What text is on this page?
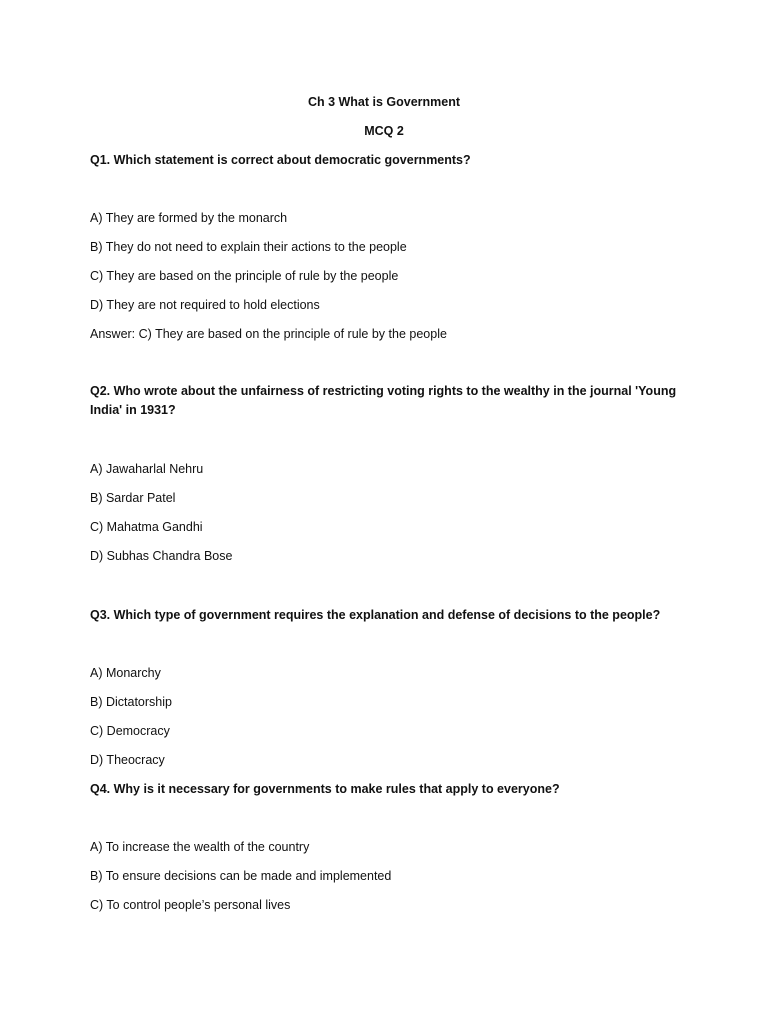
Ch 3 What is Government
MCQ 2
Q1. Which statement is correct about democratic governments?
A) They are formed by the monarch
B) They do not need to explain their actions to the people
C) They are based on the principle of rule by the people
D) They are not required to hold elections
Answer: C) They are based on the principle of rule by the people
Q2. Who wrote about the unfairness of restricting voting rights to the wealthy in the journal 'Young India' in 1931?
A) Jawaharlal Nehru
B) Sardar Patel
C) Mahatma Gandhi
D) Subhas Chandra Bose
Q3. Which type of government requires the explanation and defense of decisions to the people?
A) Monarchy
B) Dictatorship
C) Democracy
D) Theocracy
Q4. Why is it necessary for governments to make rules that apply to everyone?
A) To increase the wealth of the country
B) To ensure decisions can be made and implemented
C) To control people’s personal lives
